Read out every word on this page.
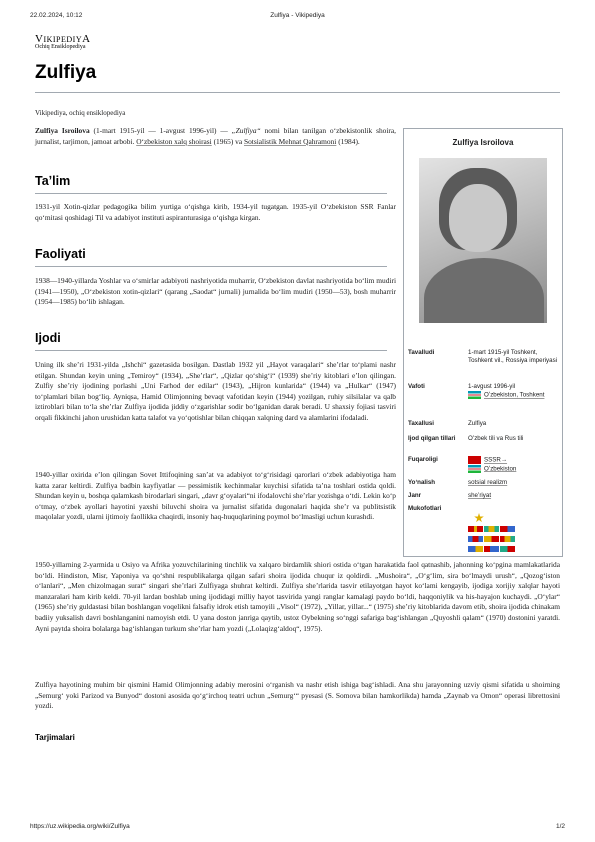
22.02.2024, 10:12	Zulfiya - Vikipediya
VikipediyA
Ochiq Ensiklopediya
Zulfiya
Vikipediya, ochiq ensiklopediya
Zulfiya Isroilova (1-mart 1915-yil — 1-avgust 1996-yil) — „Zulfiya“ nomi bilan tanilgan oʻzbekistonlik shoira, jurnalist, tarjimon, jamoat arbobi. Oʻzbekiston xalq shoirasi (1965) va Sotsialistik Mehnat Qahramoni (1984).
Taʼlim
1931-yil Xotin-qizlar pedagogika bilim yurtiga oʻqishga kirib, 1934-yil tugatgan. 1935-yil Oʻzbekiston SSR Fanlar qoʻmitasi qoshidagi Til va adabiyot instituti aspiranturasiga oʻqishga kirgan.
Faoliyati
1938—1940-yillarda Yoshlar va oʻsmirlar adabiyoti nashriyotida muharrir, Oʻzbekiston davlat nashriyotida boʻlim mudiri (1941—1950), „Oʻzbekiston xotin-qizlari“ (qarang „Saodat“ jurnali) jurnalida boʻlim mudiri (1950—53), bosh muharrir (1954—1985) boʻlib ishlagan.
Ijodi
Uning ilk sheʼri 1931-yilda „Ishchi“ gazetasida bosilgan. Dastlab 1932 yil „Hayot varaqalari“ sheʼrlar toʻplami nashr etilgan. Shundan keyin uning „Temiroy“ (1934), „Sheʼrlar“, „Qizlar qoʻshigʻi“ (1939) sheʼriy kitoblari eʼlon qilingan. Zulfiy sheʼriy ijodining porlashi „Uni Farhod der edilar“ (1943), „Hijron kunlarida“ (1944) va „Hulkar“ (1947) toʻplamlari bilan bogʻliq. Ayniqsa, Hamid Olimjonning bevaqt vafotidan keyin (1944) yozilgan, ruhiy silsilalar va qalb iztiroblari bilan toʻla sheʼrlar Zulfiya ijodida jiddiy oʻzgarishlar sodir boʻlganidan darak beradi. U shaxsiy fojiasi tasviri orqali fikkinchi jahon urushidan katta talafot va yoʻqotishlar bilan chiqqan xalqning dard va alamlarini ifodaladi.
1940-yillar oxirida eʼlon qilingan Sovet Ittifoqining sanʼat va adabiyot toʻgʻrisidagi qarorlari oʻzbek adabiyotiga ham katta zarar keltirdi. Zulfiya badbin kayfiyatlar — pessimistik kechinmalar kuychisi sifatida taʼna toshlari ostida qoldi. Shundan keyin u, boshqa qalamkash birodarlari singari, „davr gʻoyalari“ni ifodalovchi sheʼrlar yozishga oʻtdi. Lekin koʻp oʻtmay, oʻzbek ayollari hayotini yaxshi biluvchi shoira va jurnalist sifatida dugonalari haqida sheʼr va publitsistik maqolalar yozdi, ularni ijtimoiy faollikka chaqirdi, insoniy haq-huquqlarining poymol boʻlmasligi uchun kurashdi.
1950-yillarning 2-yarmida u Osiyo va Afrika yozuvchilarining tinchlik va xalqaro birdamlik shiori ostida oʻtgan harakatida faol qatnashib, jahonning koʻpgina mamlakatlarida boʻldi. Hindiston, Misr, Yaponiya va qoʻshni respublikalarga qilgan safari shoira ijodida chuqur iz qoldirdi. „Mushoira“, „Oʻgʻlim, sira boʻlmaydi urush“, „Qozogʻiston oʻlanlari“, „Men chizolmagan surat“ singari sheʼrlari Zulfiyaga shuhrat keltirdi. Zulfiya sheʼrlarida tasvir etilayotgan hayot koʻlami kengayib, ijodiga xorijiy xalqlar hayoti manzaralari ham kirib keldi. 70-yil lardan boshlab uning ijodidagi milliy hayot tasvirida yangi ranglar kamalagi paydo boʻldi, haqqoniylik va his-hayajon kuchaydi. „Oʻylar“ (1965) sheʼriy guldastasi bilan boshlangan voqelikni falsafiy idrok etish tamoyili „Visol“ (1972), „Yillar, yillar...“ (1975) sheʼriy kitoblarida davom etib, shoira ijodida chinakam badiiy yuksalish davri boshlanganini namoyish etdi. U yana doston janriga qaytib, ustoz Oybekning soʻnggi safariga bagʻishlangan „Quyoshli qalam“ (1970) dostonini yaratdi. Ayni paytda shoira bolalarga bagʻishlangan turkum sheʼrlar ham yozdi („Lolaqizgʻaldoq“, 1975).
Zulfiya hayotining muhim bir qismini Hamid Olimjonning adabiy merosini oʻrganish va nashr etish ishiga bagʻishladi. Ana shu jarayonning uzviy qismi sifatida u shoirning „Semurgʻ yoki Parizod va Bunyod“ dostoni asosida qoʻgʻirchoq teatri uchun „Semurgʻ“ pyesasi (S. Somova bilan hamkorlikda) hamda „Zaynab va Omon“ operasi librettosini yozdi.
Tarjimalari
Zulfiya Isroilova
Tavalludi	1-mart 1915-yil Toshkent, Toshkent vil., Rossiya imperiyasi
Vafoti	1-avgust 1996-yil
Oʻzbekiston, Toshkent
Taxallusi	Zulfiya
Ijod qilgan tillari	Oʻzbek tili va Rus tili
Fuqaroligi	SSSR→
Oʻzbekiston
Yoʻnalish	sotsial realizm
Janr	sheʼriyat
Mukofotlari

https://uz.wikipedia.org/wiki/Zulfiya	1/2
